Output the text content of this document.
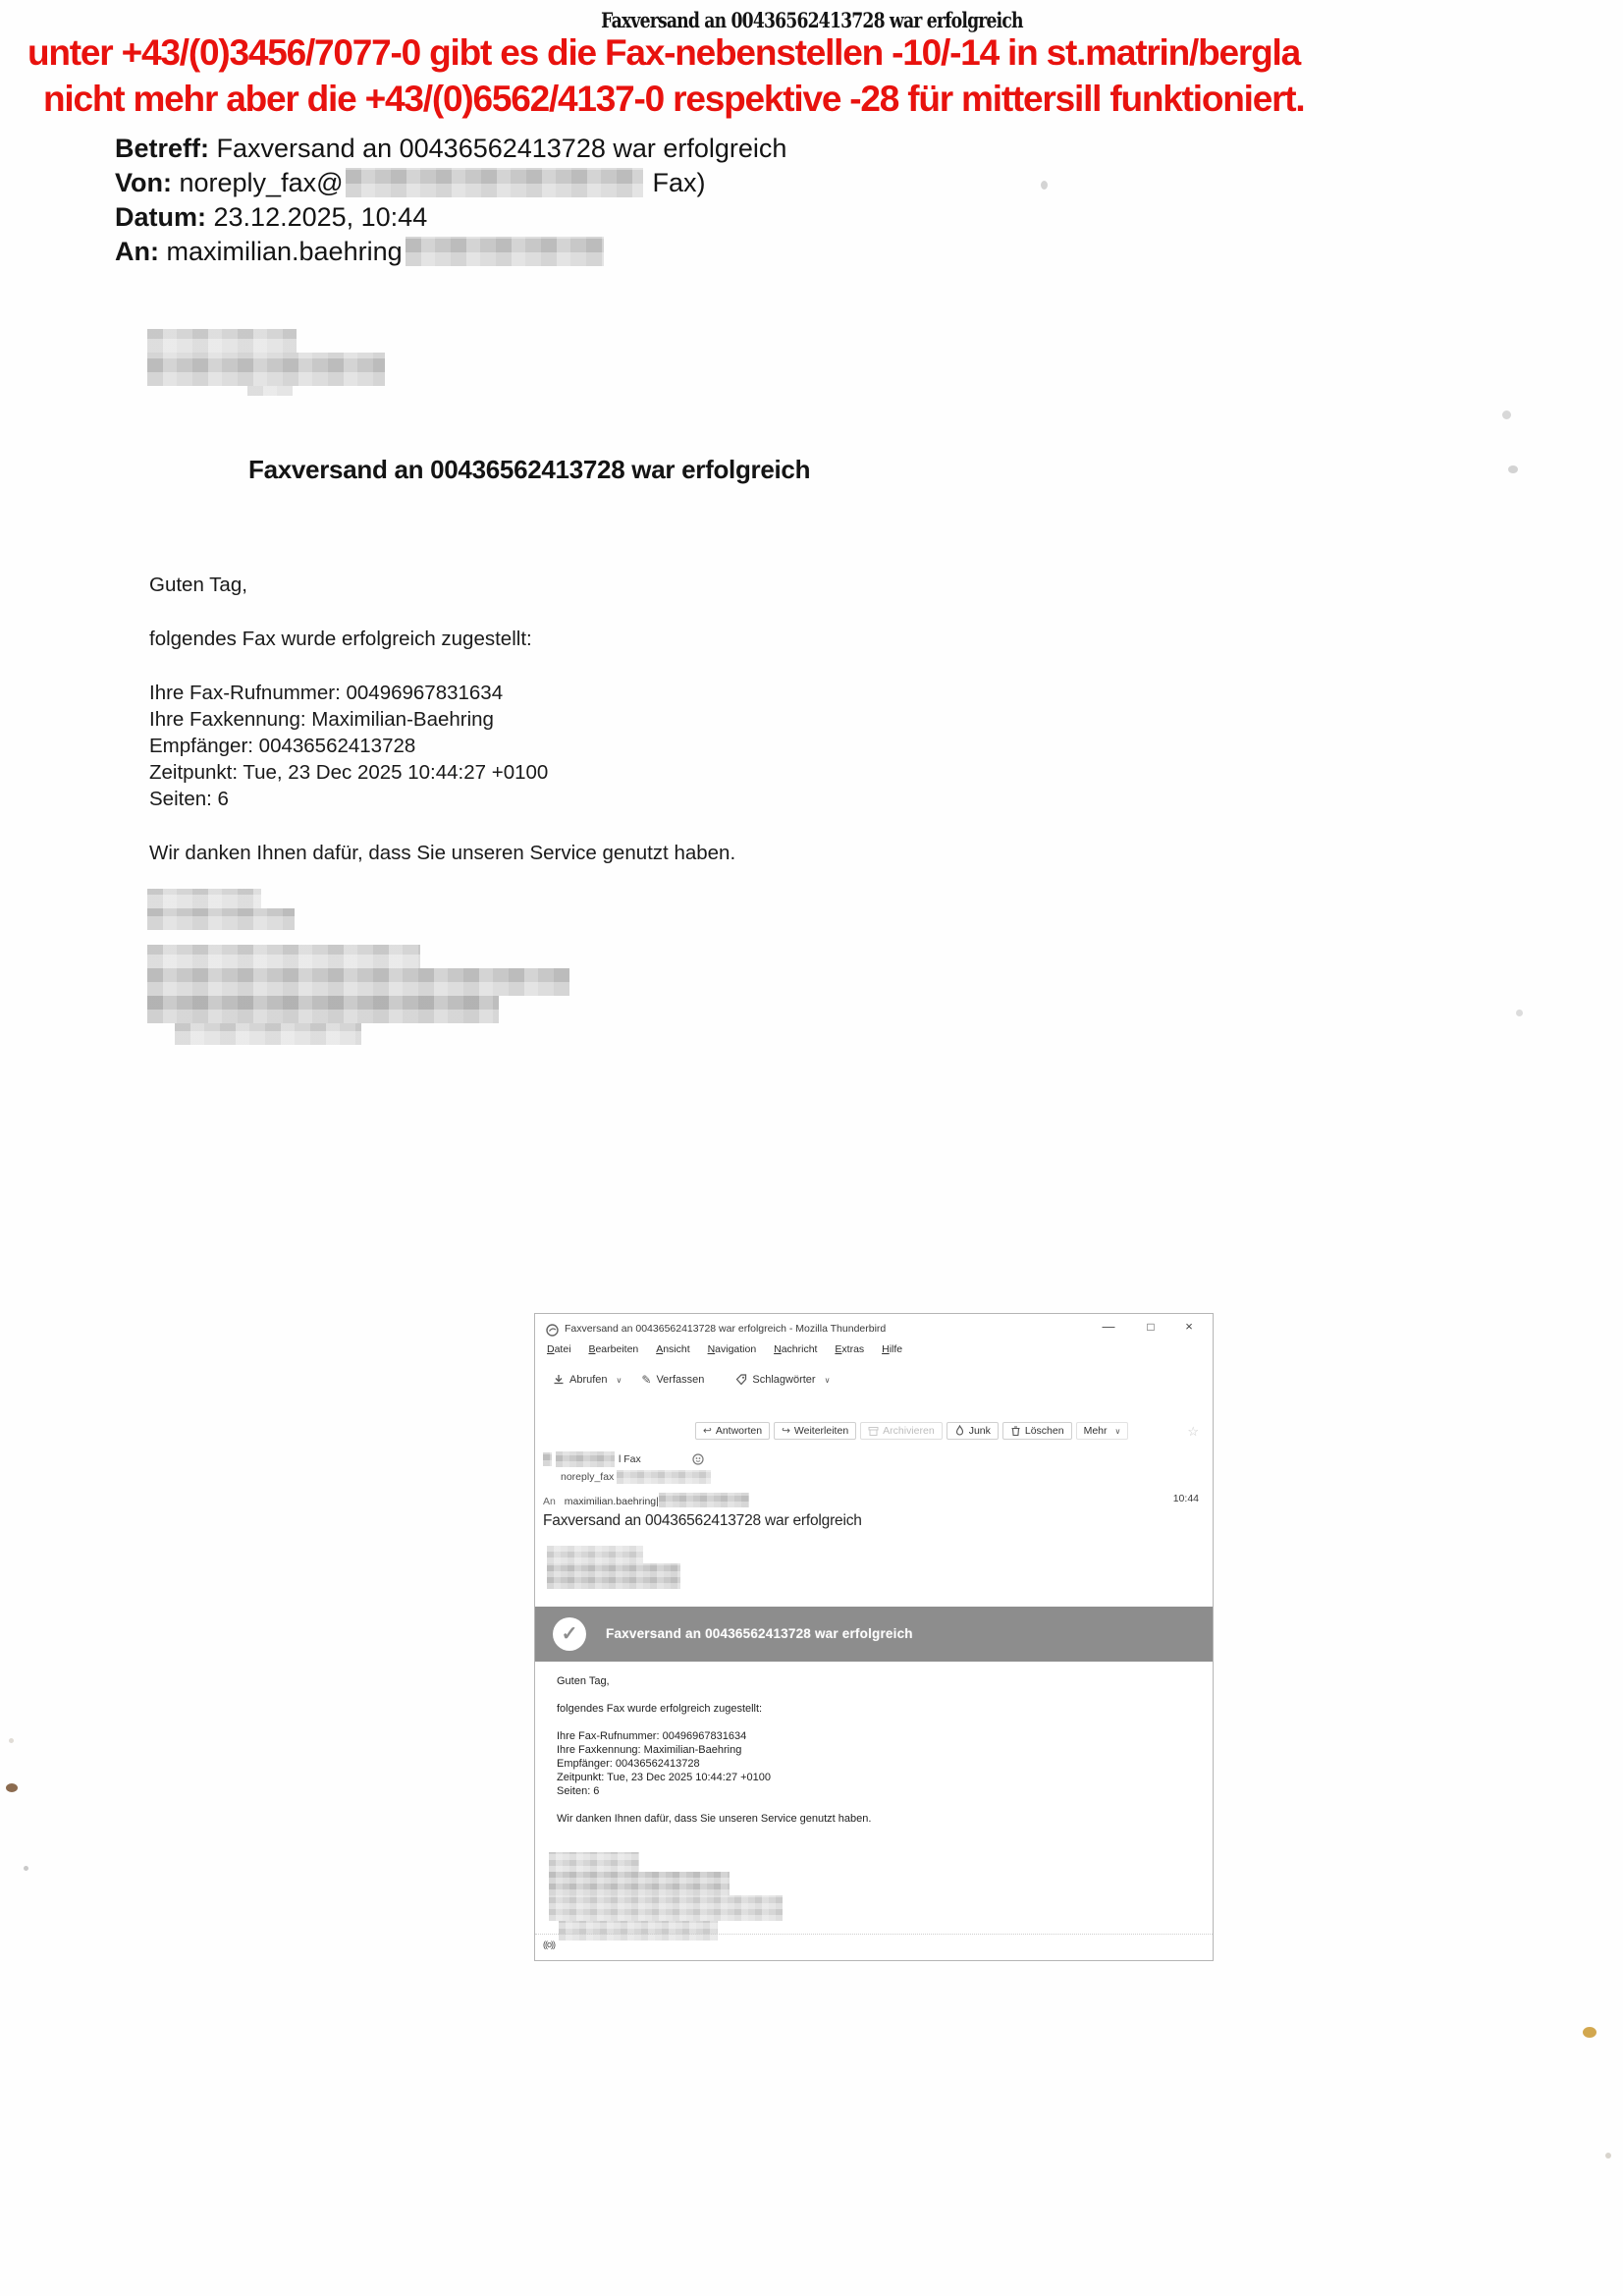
Faxversand an 00436562413728 war erfolgreich
unter +43/(0)3456/7077-0 gibt es die Fax-nebenstellen -10/-14 in st.matrin/bergla
nicht mehr aber die +43/(0)6562/4137-0 respektive -28 für mittersill funktioniert.
Betreff: Faxversand an 00436562413728 war erfolgreich
Von: noreply_fax@	Fax)
Datum: 23.12.2025, 10:44
An: maximilian.baehring
Faxversand an 00436562413728 war erfolgreich

Guten Tag,

folgendes Fax wurde erfolgreich zugestellt:

Ihre Fax-Rufnummer: 00496967831634
Ihre Faxkennung: Maximilian-Baehring
Empfänger: 00436562413728
Zeitpunkt: Tue, 23 Dec 2025 10:44:27 +0100
Seiten: 6
Wir danken Ihnen dafür, dass Sie unseren Service genutzt haben.
Faxversand an 00436562413728 war erfolgreich - Mozilla Thunderbird	—	□	×
Datei Bearbeiten Ansicht Navigation Nachricht Extras Hilfe
Abrufen ∨ ✎ Verfassen	Schlagwörter ∨
↩ Antworten ↪ Weiterleiten	Archivieren	Junk	Löschen Mehr ∨	☆
l Fax
noreply_fax
An maximilian.baehring|	10:44
Faxversand an 00436562413728 war erfolgreich
✓	Faxversand an 00436562413728 war erfolgreich

Guten Tag,

folgendes Fax wurde erfolgreich zugestellt:

Ihre Fax-Rufnummer: 00496967831634
Ihre Faxkennung: Maximilian-Baehring
Empfänger: 00436562413728
Zeitpunkt: Tue, 23 Dec 2025 10:44:27 +0100
Seiten: 6
Wir danken Ihnen dafür, dass Sie unseren Service genutzt haben.
((o))
